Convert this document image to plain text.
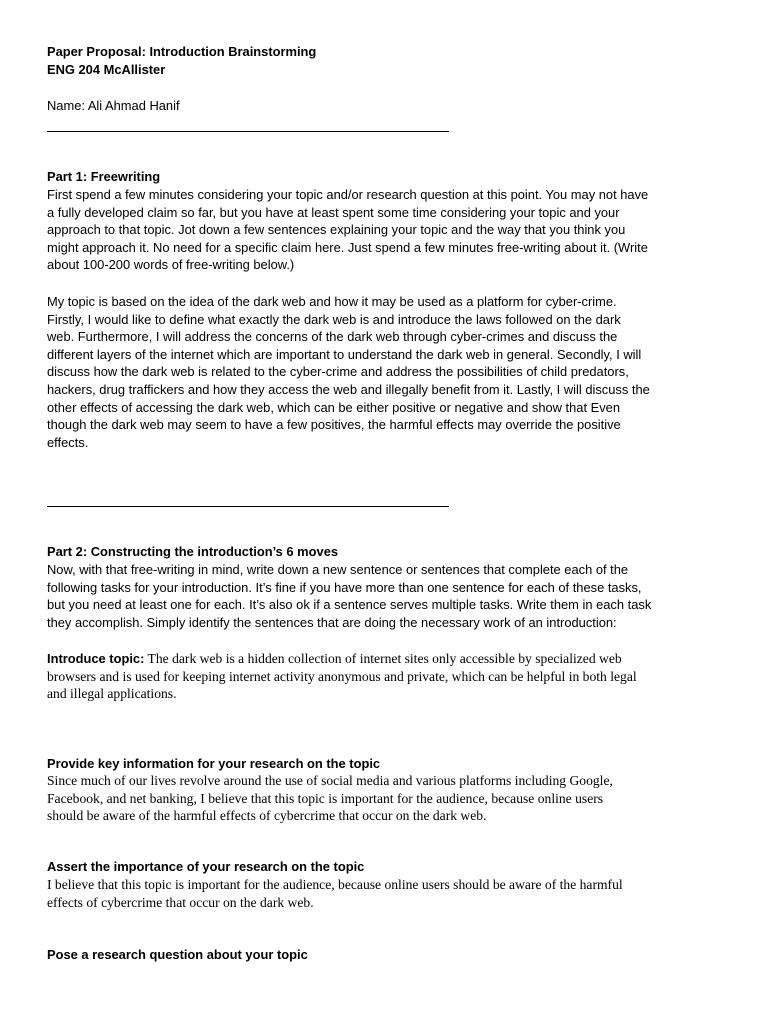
Paper Proposal: Introduction Brainstorming
ENG 204 McAllister
Name: Ali Ahmad Hanif
Part 1: Freewriting
First spend a few minutes considering your topic and/or research question at this point. You may not have
a fully developed claim so far, but you have at least spent some time considering your topic and your
approach to that topic. Jot down a few sentences explaining your topic and the way that you think you
might approach it. No need for a specific claim here. Just spend a few minutes free-writing about it. (Write
about 100-200 words of free-writing below.)
My topic is based on the idea of the dark web and how it may be used as a platform for cyber-crime.
Firstly, I would like to define what exactly the dark web is and introduce the laws followed on the dark
web. Furthermore, I will address the concerns of the dark web through cyber-crimes and discuss the
different layers of the internet which are important to understand the dark web in general. Secondly, I will
discuss how the dark web is related to the cyber-crime and address the possibilities of child predators,
hackers, drug traffickers and how they access the web and illegally benefit from it. Lastly, I will discuss the
other effects of accessing the dark web, which can be either positive or negative and show that Even
though the dark web may seem to have a few positives, the harmful effects may override the positive
effects.
Part 2: Constructing the introduction’s 6 moves
Now, with that free-writing in mind, write down a new sentence or sentences that complete each of the
following tasks for your introduction. It’s fine if you have more than one sentence for each of these tasks,
but you need at least one for each. It’s also ok if a sentence serves multiple tasks. Write them in each task
they accomplish. Simply identify the sentences that are doing the necessary work of an introduction:
Introduce topic: The dark web is a hidden collection of internet sites only accessible by specialized web
browsers and is used for keeping internet activity anonymous and private, which can be helpful in both legal
and illegal applications.
Provide key information for your research on the topic
Since much of our lives revolve around the use of social media and various platforms including Google,
Facebook, and net banking, I believe that this topic is important for the audience, because online users
should be aware of the harmful effects of cybercrime that occur on the dark web.
Assert the importance of your research on the topic
I believe that this topic is important for the audience, because online users should be aware of the harmful
effects of cybercrime that occur on the dark web.
Pose a research question about your topic
